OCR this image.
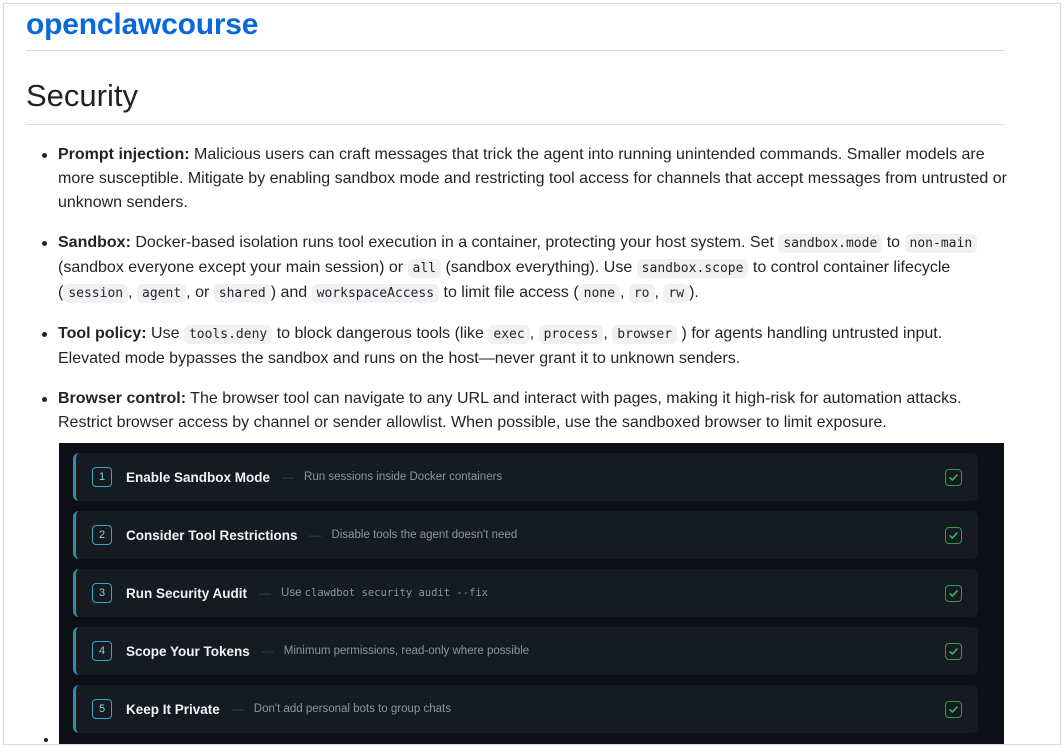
openclawcourse
Security
Prompt injection: Malicious users can craft messages that trick the agent into running unintended commands. Smaller models are more susceptible. Mitigate by enabling sandbox mode and restricting tool access for channels that accept messages from untrusted or unknown senders.
Sandbox: Docker-based isolation runs tool execution in a container, protecting your host system. Set sandbox.mode to non-main (sandbox everyone except your main session) or all (sandbox everything). Use sandbox.scope to control container lifecycle ( session , agent , or shared ) and workspaceAccess to limit file access ( none , ro , rw ).
Tool policy: Use tools.deny to block dangerous tools (like exec , process , browser ) for agents handling untrusted input. Elevated mode bypasses the sandbox and runs on the host—never grant it to unknown senders.
Browser control: The browser tool can navigate to any URL and interact with pages, making it high-risk for automation attacks. Restrict browser access by channel or sender allowlist. When possible, use the sandboxed browser to limit exposure.
1	Enable Sandbox Mode — Run sessions inside Docker containers
2	Consider Tool Restrictions — Disable tools the agent doesn't need
3	Run Security Audit — Use clawdbot security audit --fix
4	Scope Your Tokens — Minimum permissions, read-only where possible
5	Keep It Private — Don't add personal bots to group chats
